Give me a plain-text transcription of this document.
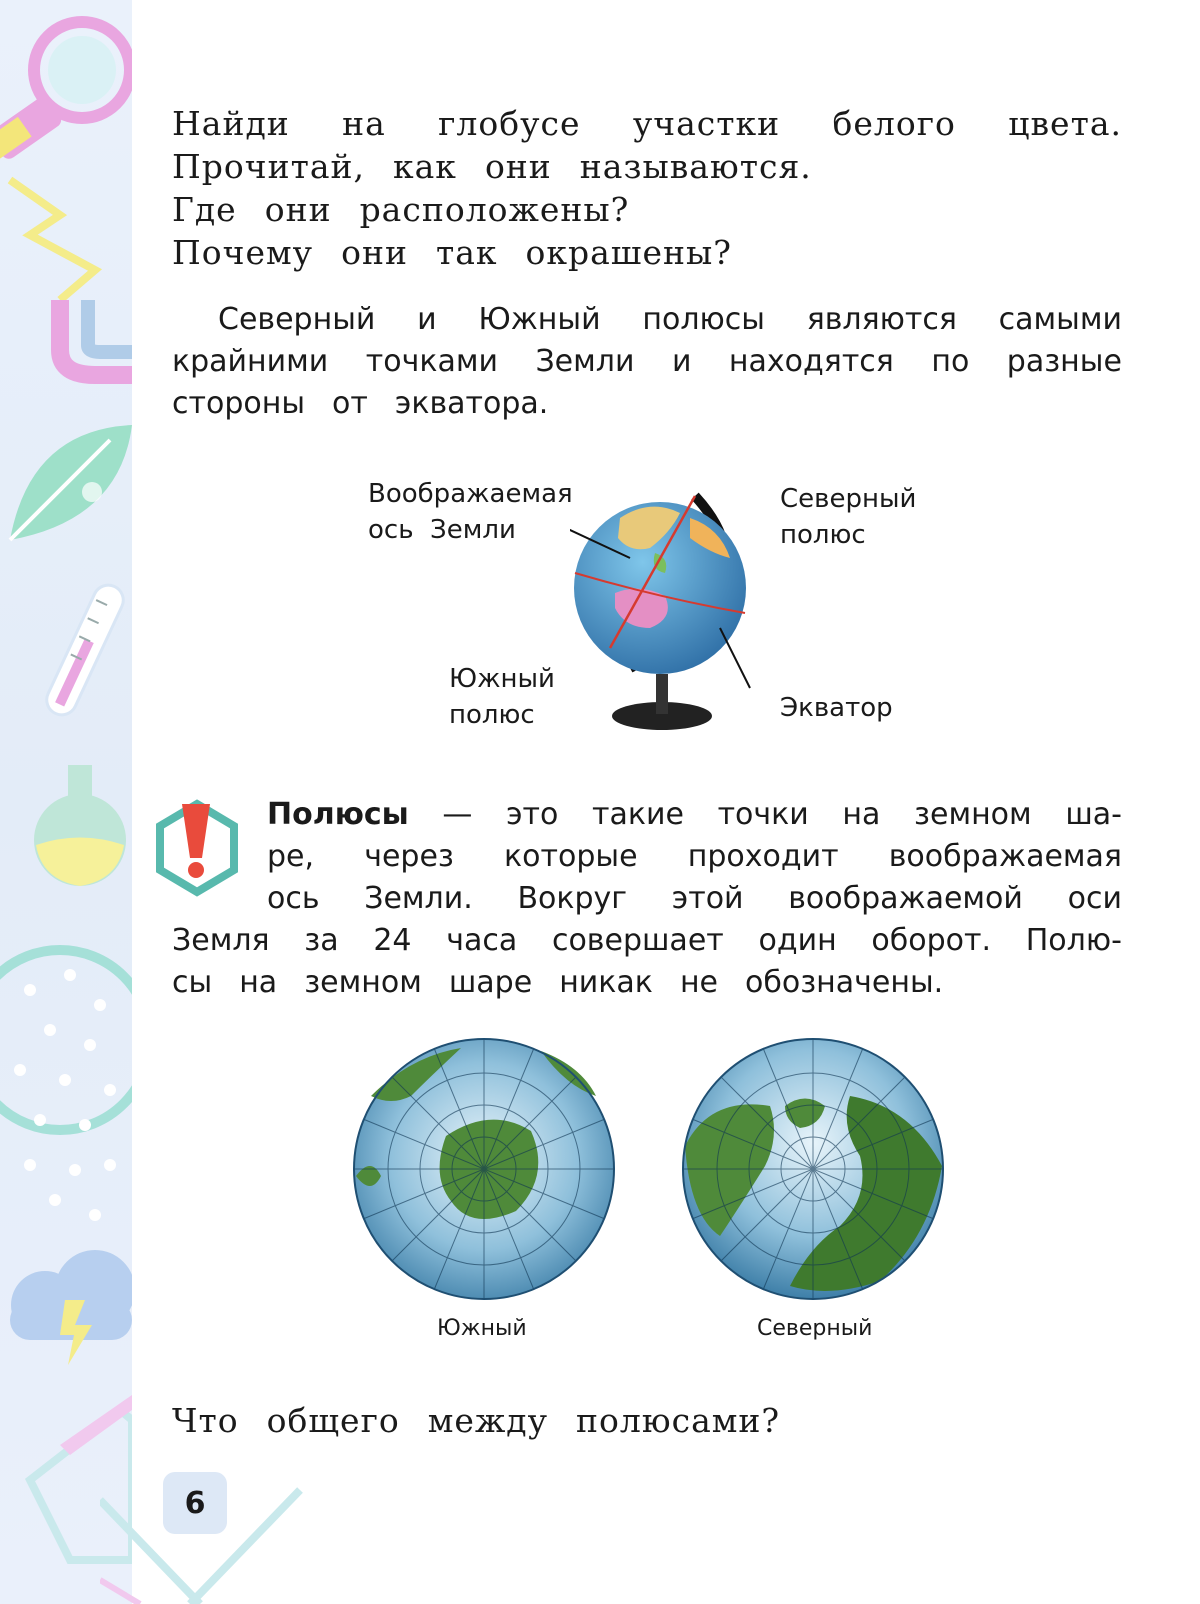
Найди на глобусе участки белого цвета.
Прочитай, как они называются.
Где они расположены?
Почему они так окрашены?
Северный и Южный полюсы являются самыми
крайними точками Земли и находятся по разные
стороны от экватора.
Воображаемая
ось  Земли
Северный
полюс
Южный
полюс	Экватор
Полюсы — это такие точки на земном ша-
ре, через которые проходит воображаемая
ось Земли. Вокруг этой воображаемой оси
Земля за 24 часа совершает один оборот. Полю-
сы на земном шаре никак не обозначены.
Южный	Северный
Что общего между полюсами?
6
